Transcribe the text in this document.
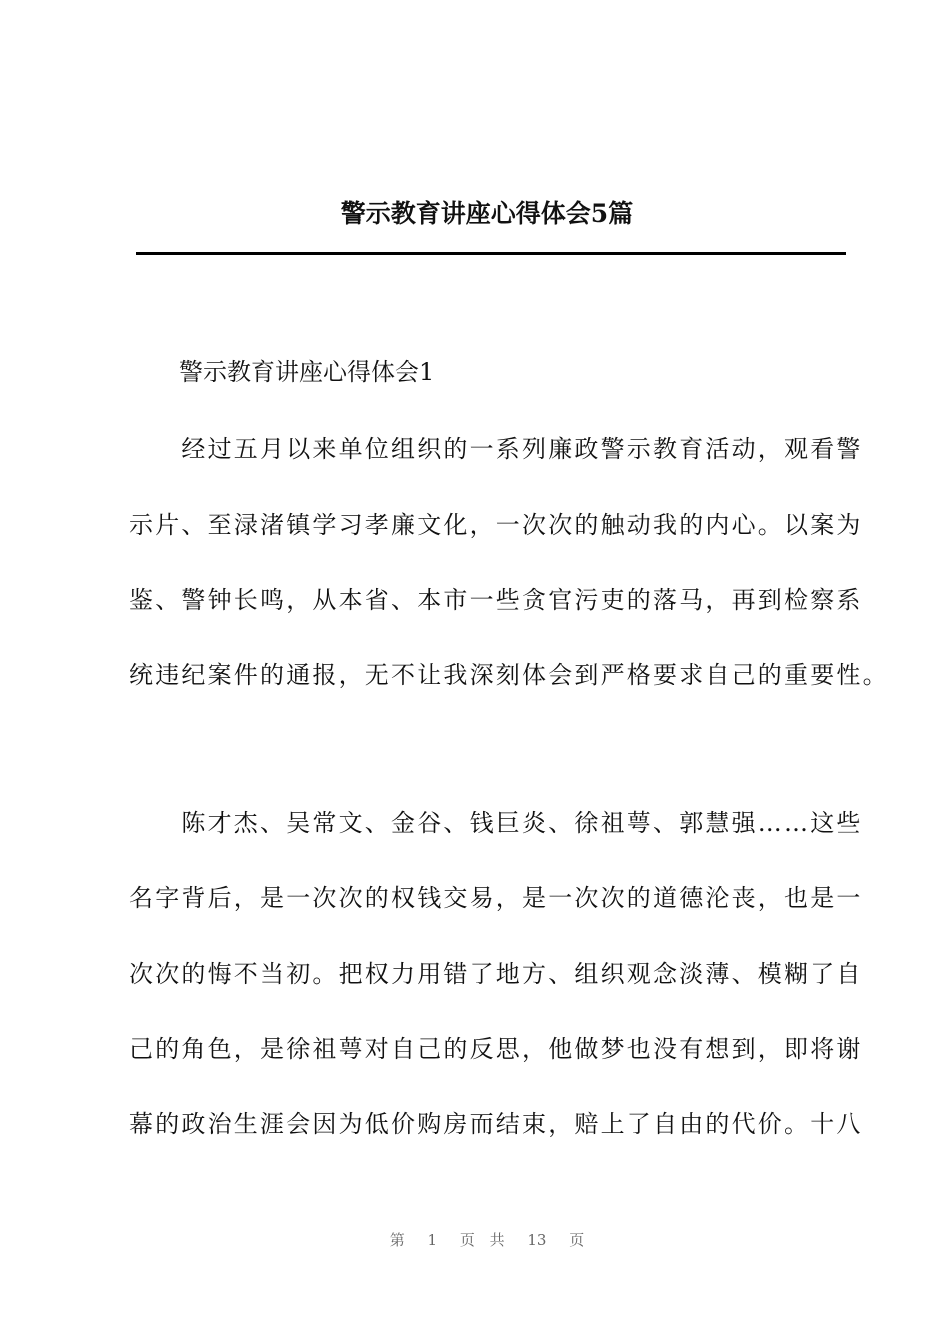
警示教育讲座心得体会5篇

警示教育讲座心得体会1

　　经过五月以来单位组织的一系列廉政警示教育活动，观看警

示片、至渌渚镇学习孝廉文化，一次次的触动我的内心。以案为

鉴、警钟长鸣，从本省、本市一些贪官污吏的落马，再到检察系

统违纪案件的通报，无不让我深刻体会到严格要求自己的重要性。

　　陈才杰、吴常文、金谷、钱巨炎、徐祖萼、郭慧强……这些

名字背后，是一次次的权钱交易，是一次次的道德沦丧，也是一

次次的悔不当初。把权力用错了地方、组织观念淡薄、模糊了自

己的角色，是徐祖萼对自己的反思，他做梦也没有想到，即将谢

幕的政治生涯会因为低价购房而结束，赔上了自由的代价。十八

第 1 页 共 13 页
